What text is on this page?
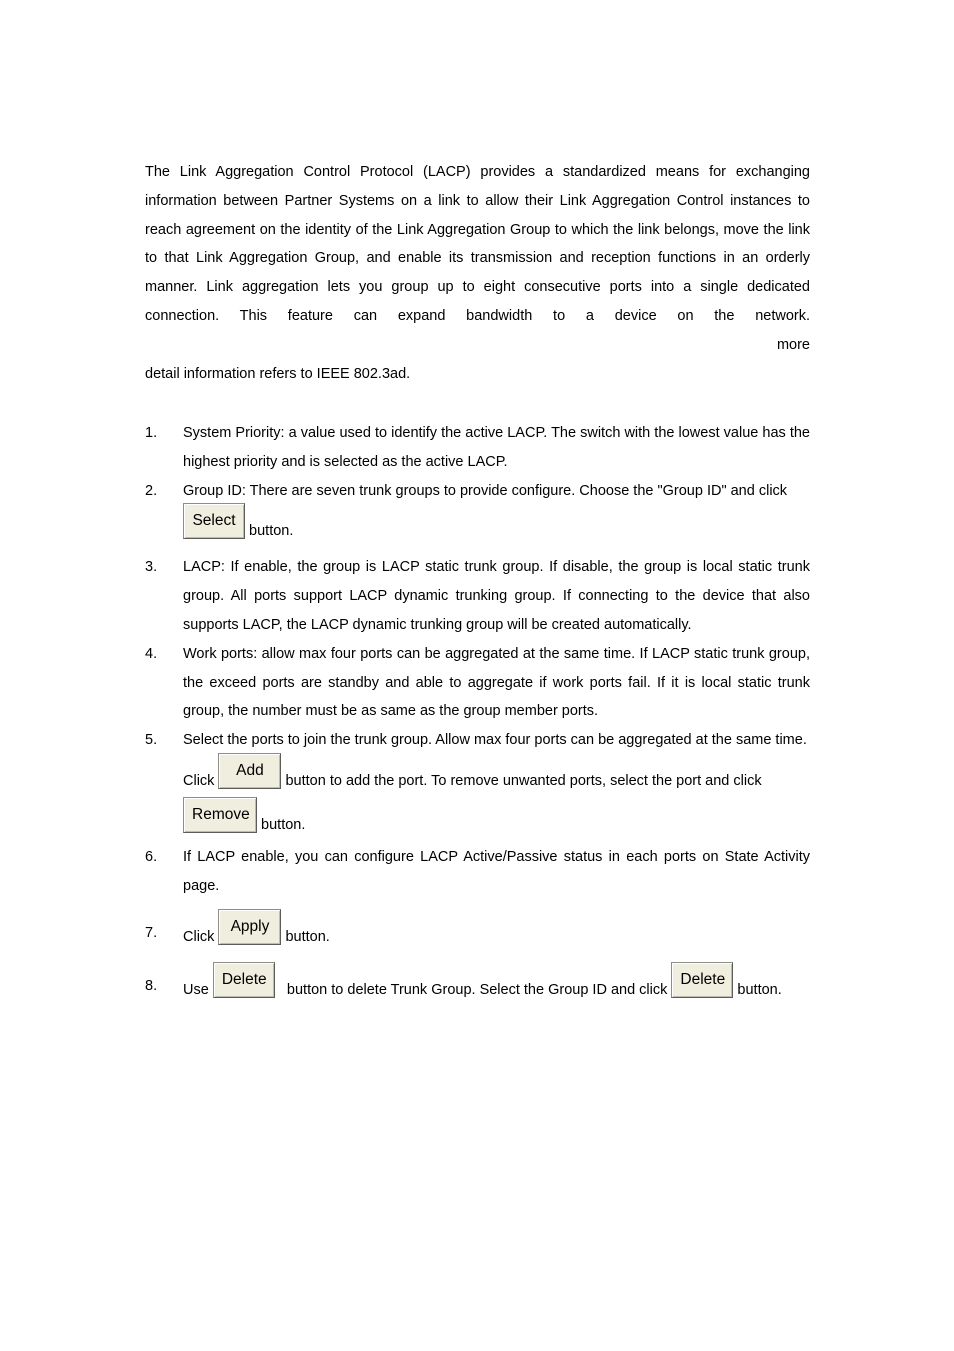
The Link Aggregation Control Protocol (LACP) provides a standardized means for exchanging information between Partner Systems on a link to allow their Link Aggregation Control instances to reach agreement on the identity of the Link Aggregation Group to which the link belongs, move the link to that Link Aggregation Group, and enable its transmission and reception functions in an orderly manner. Link aggregation lets you group up to eight consecutive ports into a single dedicated connection. This feature can expand bandwidth to a device on the network.
more

detail information refers to IEEE 802.3ad.

1. System Priority: a value used to identify the active LACP. The switch with the lowest value has the highest priority and is selected as the active LACP.
2. Group ID: There are seven trunk groups to provide configure. Choose the "Group ID" and click
Select button.
3. LACP: If enable, the group is LACP static trunk group. If disable, the group is local static trunk group. All ports support LACP dynamic trunking group. If connecting to the device that also supports LACP, the LACP dynamic trunking group will be created automatically.
4. Work ports: allow max four ports can be aggregated at the same time. If LACP static trunk group, the exceed ports are standby and able to aggregate if work ports fail. If it is local static trunk group, the number must be as same as the group member ports.
5. Select the ports to join the trunk group. Allow max four ports can be aggregated at the same time.
Click Add button to add the port. To remove unwanted ports, select the port and click
Remove button.
6. If LACP enable, you can configure LACP Active/Passive status in each ports on State Activity page.
7. Click Apply button.
8. Use Delete   button to delete Trunk Group. Select the Group ID and click Delete button.
